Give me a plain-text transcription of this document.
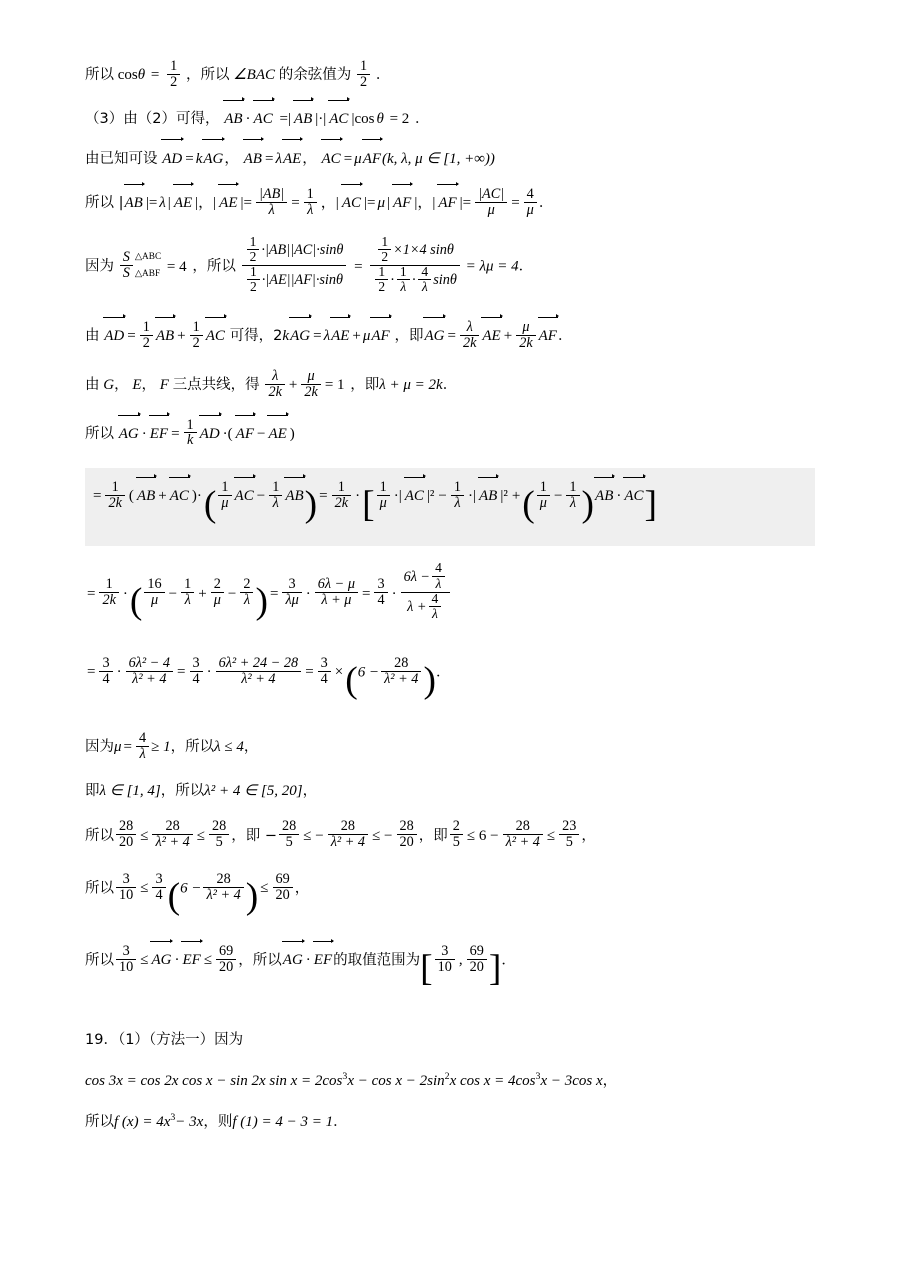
所以 $\cos\theta = \frac{1}{2}$ ，所以 ∠BAC 的余弦值为 $\frac{1}{2}$ ．
（3）由（2）可得， AB · AC =| AB |·| AC |cos θ = 2 ．
由已知可设 AD = kAG， AB = λAE， AC = μAF(k, λ, μ ∈ [1, +∞))
所以 |AB |= λ | AE |，| AE |= $\frac{|AB|}{\lambda} = \frac{1}{\lambda}$ ，| AC |= μ | AF |，| AF |= $\frac{|AC|}{\mu} = \frac{4}{\mu}$ ．
因为 $\frac{S}{S}$ △ABC
△ABF = 4 ，所以 $\frac{\frac{1}{2} \cdot|AB||AC|\cdot\sin\theta}{\frac{1}{2} \cdot|AE||AF|\cdot\sin\theta} = \frac{\frac{1}{2} \times 1\times 4 \sin\theta}{\frac{1}{2} \cdot \frac{1}{\lambda} \cdot \frac{4}{\lambda} \sin\theta} = \lambda\mu = 4$．
由 AD = $\frac{1}{2}$ AB + $\frac{1}{2}$ AC 可得，2kAG = λAE + μAF ，即AG = $\frac{\lambda}{2k}$ AE + $\frac{\mu}{2k}$ AF．
由 G， E， F 三点共线，得 $\frac{\lambda}{2k} + \frac{\mu}{2k} = 1$ ，即λ + μ = 2k．
所以 AG · EF = $\frac{1}{k}$ AD ·( AF − AE )
= $\frac{1}{2k}$ ( AB + AC )·( $\frac{1}{\mu}$ AC − $\frac{1}{\lambda} AB) = \frac{1}{2k}$ ·[ $\frac{1}{\mu}$ ·| AC $|^2 - \frac{1}{\lambda}$ ·| AB |² +( $\frac{1}{\mu} - \frac{1}{\lambda} )AB \cdot AC$]
= $\frac{1}{2k}$ ·( $\frac{16}{\mu} - \frac{1}{\lambda} + \frac{2}{\mu} - \frac{2}{\lambda}$ ) = $\frac{3}{\lambda\mu} \cdot \frac{6\lambda - \mu}{\lambda + \mu} = \frac{3}{4} \cdot \frac{6\lambda - \frac{4}{\lambda}}{\lambda + \frac{4}{\lambda}}$
= $\frac{3}{4} \cdot \frac{\text{6λ² − 4}}{\text{λ² + 4}} = \frac{3}{4} \cdot \frac{\text{6λ² + 24 − 28}}{\text{λ² + 4}} = \frac{3}{4} \times(6 - \frac{28}{\text{λ² + 4}}$ )．
因为$\mu = \frac{4}{\lambda} \ge 1$，所以λ ≤ 4，
即λ ∈ [1, 4]，所以λ² + 4 ∈ [5, 20]，
所以 $\frac{28}{20} \le \frac{28}{\text{λ² + 4}} \le \frac{28}{5}$ ，即 − $\frac{28}{5}$ ≤ − $\frac{28}{\text{λ² + 4}}$ ≤ − $\frac{28}{20}$ ，即 $\frac{2}{5} \le 6 - \frac{28}{\text{λ² + 4}} \le \frac{23}{5}$ ，
所以 $\frac{3}{10} \le \frac{3}{4} (6 - \frac{28}{\text{λ² + 4}}$ ) ≤ $\frac{69}{20}$ ，
所以 $\frac{3}{10}$ ≤ AG · EF ≤ $\frac{69}{20}$ ，所以AG · EF的取值范围为[ $\frac{3}{10}$ , $\frac{69}{20}$ ]．
19．（1）（方法一）因为
cos 3x = cos 2x cos x − sin 2x $\sin x = 2\cos^3x - \cos x - 2\sin^2x$ $\cos x = 4\cos^3x - 3\cos$ x，
所以f $(x) = 4x^3- 3x$，则f (1) = 4 − 3 = 1．
